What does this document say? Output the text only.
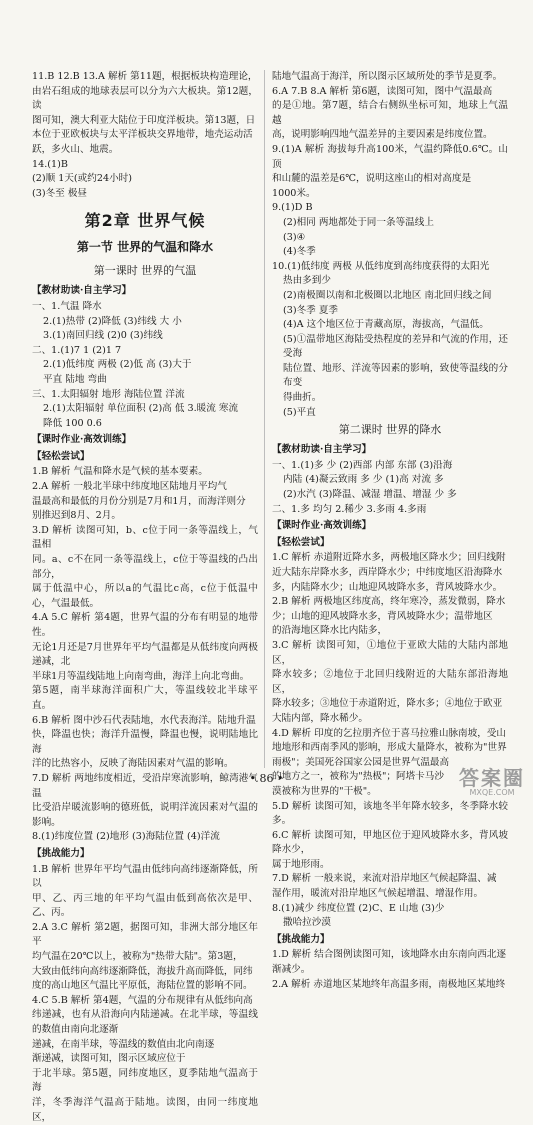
11.B 12.B 13.A 解析 第11题，根据板块构造理论，

由岩石组成的地球表层可以分为六大板块。第12题，读

图可知，澳大利亚大陆位于印度洋板块。第13题，日

本位于亚欧板块与太平洋板块交界地带，地壳运动活

跃，多火山、地震。

14.(1)B

(2)顺 1天(或约24小时)

(3)冬至 极昼

第2章 世界气候
第一节 世界的气温和降水
第一课时 世界的气温

【教材助读·自主学习】

一、1.气温 降水

2.(1)热带 (2)降低 (3)纬线 大 小

3.(1)南回归线 (2)0 (3)纬线

二、1.(1)7 1 (2)1 7

2.(1)低纬度 两极 (2)低 高 (3)大于

平直 陆地 弯曲

三、1.太阳辐射 地形 海陆位置 洋流

2.(1)太阳辐射 单位面积 (2)高 低 3.暖流 寒流

降低 100 0.6

【课时作业·高效训练】

【轻松尝试】

1.B 解析 气温和降水是气候的基本要素。

2.A 解析 一般北半球中纬度地区陆地月平均气

温最高和最低的月份分别是7月和1月，而海洋则分

别推迟到8月、2月。

3.D 解析 读图可知，b、c位于同一条等温线上，气温相

同。a、c不在同一条等温线上，c位于等温线的凸出部分，

属于低温中心，所以a的气温比c高，c位于低温中心，气温最低。

4.A 5.C 解析 第4题，世界气温的分布有明显的地带性。

无论1月还是7月世界年平均气温都是从低纬度向两极递减，北

半球1月等温线陆地上向南弯曲，海洋上向北弯曲。

第5题，南半球海洋面积广大，等温线较北半球平直。

6.B 解析 图中沙石代表陆地，水代表海洋。陆地升温

快，降温也快；海洋升温慢，降温也慢，说明陆地比海

洋的比热容小，反映了海陆因素对气温的影响。

7.D 解析 两地纬度相近，受沿岸寒流影响，鲸湾港气温

比受沿岸暖流影响的德班低，说明洋流因素对气温的影响。

8.(1)纬度位置 (2)地形 (3)海陆位置 (4)洋流

【挑战能力】

1.B 解析 世界年平均气温由低纬向高纬逐渐降低，所以

甲、乙、丙三地的年平均气温由低到高依次是甲、乙、丙。

2.A 3.C 解析 第2题，据图可知，非洲大部分地区年平

均气温在20℃以上，被称为"热带大陆"。第3题，

大致由低纬向高纬逐渐降低，海拔升高而降低，同纬

度的高山地区气温比平原低，海陆位置的影响不同。

4.C 5.B 解析 第4题，气温的分布规律有从低纬向高

纬递减，也有从沿海向内陆递减。在北半球，等温线的数值由南向北逐渐

递减，在南半球，等温线的数值由北向南逐

渐递减，读图可知，图示区域应位于

于北半球。第5题，同纬度地区，夏季陆地气温高于海

洋，冬季海洋气温高于陆地。读图，由同一纬度地区，

陆地气温高于海洋，所以图示区域所处的季节是夏季。

6.A 7.B 8.A 解析 第6题，读图可知，图中气温最高

的是①地。第7题，结合右侧纵坐标可知，地球上气温越

高，说明影响四地气温差异的主要因素是纬度位置。

9.(1)A 解析 海拔每升高100米，气温约降低0.6℃。山顶

和山麓的温差是6℃，说明这座山的相对高度是

1000米。

9.(1)D B

(2)相同 两地都处于同一条等温线上

(3)④

(4)冬季

10.(1)低纬度 两极 从低纬度到高纬度获得的太阳光

热由多到少

(2)南极圈以南和北极圈以北地区 南北回归线之间

(3)冬季 夏季

(4)A 这个地区位于青藏高原，海拔高，气温低。

(5)①温带地区海陆受热程度的差异和气流的作用，还受海

陆位置、地形、洋流等因素的影响，致使等温线的分布变

得曲折。

(5)平直

第二课时 世界的降水

【教材助读·自主学习】

一、1.(1)多 少 (2)西部 内部 东部 (3)沿海

内陆 (4)凝云致雨 多 少 (1)高 对流 多

(2)水汽 (3)降温、减湿 增温、增湿 少 多

二、1.多 均匀 2.稀少 3.多雨 4.多雨

【课时作业·高效训练】

【轻松尝试】

1.C 解析 赤道附近降水多，两极地区降水少；回归线附

近大陆东岸降水多，西岸降水少；中纬度地区沿海降水

多，内陆降水少；山地迎风坡降水多，背风坡降水少。

2.B 解析 两极地区纬度高，终年寒冷，蒸发微弱，降水

少；山地的迎风坡降水多，背风坡降水少；温带地区

的沿海地区降水比内陆多，

3.C 解析 读图可知，①地位于亚欧大陆的大陆内部地区，

降水较多；②地位于北回归线附近的大陆东部沿海地区，

降水较多；③地位于赤道附近，降水多；④地位于欧亚

大陆内部，降水稀少。

4.D 解析 印度的乞拉朋齐位于喜马拉雅山脉南坡，受山

地地形和西南季风的影响，形成大量降水，被称为"世界

雨极"；美国死谷国家公园是世界气温最高

的地方之一，被称为"热极"；阿塔卡马沙

漠被称为世界的"干极"。

5.D 解析 读图可知，该地冬半年降水较多，冬季降水较多。

6.C 解析 读图可知，甲地区位于迎风坡降水多，背风坡降水少，

属于地形雨。

7.D 解析 一般来说，来流对沿岸地区气候起降温、减

湿作用，暖流对沿岸地区气候起增温、增湿作用。

8.(1)减少 纬度位置 (2)C、E 山地 (3)少

撒哈拉沙漠

【挑战能力】

1.D 解析 结合图例读图可知，该地降水由东南向西北逐

渐减少。

2.A 解析 赤道地区某地终年高温多雨，南极地区某地终

• 86 •	答案圈
MXQE.COM
